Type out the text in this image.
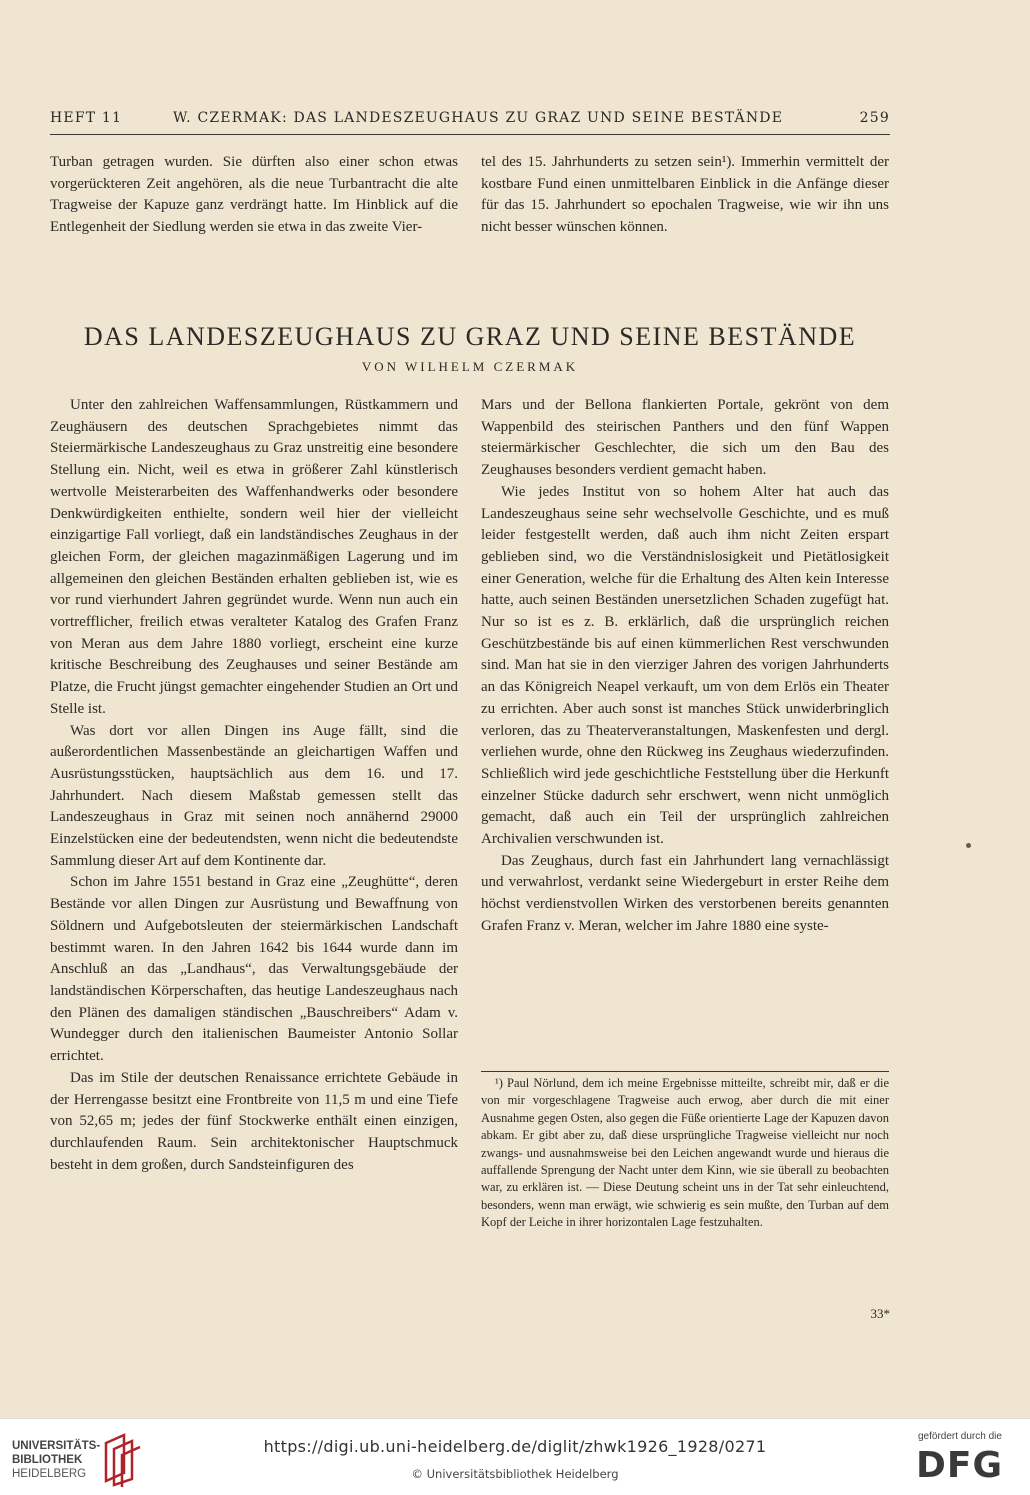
HEFT 11	W. CZERMAK: DAS LANDESZEUGHAUS ZU GRAZ UND SEINE BESTÄNDE	259

Turban getragen wurden. Sie dürften also einer schon etwas vorgerückteren Zeit angehören, als die neue Turbantracht die alte Tragweise der Kapuze ganz verdrängt hatte. Im Hinblick auf die Entlegenheit der Siedlung werden sie etwa in das zweite Vier-

tel des 15. Jahrhunderts zu setzen sein¹). Immerhin vermittelt der kostbare Fund einen unmittelbaren Einblick in die Anfänge dieser für das 15. Jahrhundert so epochalen Tragweise, wie wir ihn uns nicht besser wünschen können.

DAS LANDESZEUGHAUS ZU GRAZ UND SEINE BESTÄNDE
VON WILHELM CZERMAK

Unter den zahlreichen Waffensammlungen, Rüstkammern und Zeughäusern des deutschen Sprachgebietes nimmt das Steiermärkische Landeszeughaus zu Graz unstreitig eine besondere Stellung ein. Nicht, weil es etwa in größerer Zahl künstlerisch wertvolle Meisterarbeiten des Waffenhandwerks oder besondere Denkwürdigkeiten enthielte, sondern weil hier der vielleicht einzigartige Fall vorliegt, daß ein landständisches Zeughaus in der gleichen Form, der gleichen magazinmäßigen Lagerung und im allgemeinen den gleichen Beständen erhalten geblieben ist, wie es vor rund vierhundert Jahren gegründet wurde. Wenn nun auch ein vortrefflicher, freilich etwas veralteter Katalog des Grafen Franz von Meran aus dem Jahre 1880 vorliegt, erscheint eine kurze kritische Beschreibung des Zeughauses und seiner Bestände am Platze, die Frucht jüngst gemachter eingehender Studien an Ort und Stelle ist.

Was dort vor allen Dingen ins Auge fällt, sind die außerordentlichen Massenbestände an gleichartigen Waffen und Ausrüstungsstücken, hauptsächlich aus dem 16. und 17. Jahrhundert. Nach diesem Maßstab gemessen stellt das Landeszeughaus in Graz mit seinen noch annähernd 29000 Einzelstücken eine der bedeutendsten, wenn nicht die bedeutendste Sammlung dieser Art auf dem Kontinente dar.

Schon im Jahre 1551 bestand in Graz eine „Zeughütte“, deren Bestände vor allen Dingen zur Ausrüstung und Bewaffnung von Söldnern und Aufgebotsleuten der steiermärkischen Landschaft bestimmt waren. In den Jahren 1642 bis 1644 wurde dann im Anschluß an das „Landhaus“, das Verwaltungsgebäude der landständischen Körperschaften, das heutige Landeszeughaus nach den Plänen des damaligen ständischen „Bauschreibers“ Adam v. Wundegger durch den italienischen Baumeister Antonio Sollar errichtet.

Das im Stile der deutschen Renaissance errichtete Gebäude in der Herrengasse besitzt eine Frontbreite von 11,5 m und eine Tiefe von 52,65 m; jedes der fünf Stockwerke enthält einen einzigen, durchlaufenden Raum. Sein architektonischer Hauptschmuck besteht in dem großen, durch Sandsteinfiguren des

Mars und der Bellona flankierten Portale, gekrönt von dem Wappenbild des steirischen Panthers und den fünf Wappen steiermärkischer Geschlechter, die sich um den Bau des Zeughauses besonders verdient gemacht haben.

Wie jedes Institut von so hohem Alter hat auch das Landeszeughaus seine sehr wechselvolle Geschichte, und es muß leider festgestellt werden, daß auch ihm nicht Zeiten erspart geblieben sind, wo die Verständnislosigkeit und Pietätlosigkeit einer Generation, welche für die Erhaltung des Alten kein Interesse hatte, auch seinen Beständen unersetzlichen Schaden zugefügt hat. Nur so ist es z. B. erklärlich, daß die ursprünglich reichen Geschützbestände bis auf einen kümmerlichen Rest verschwunden sind. Man hat sie in den vierziger Jahren des vorigen Jahrhunderts an das Königreich Neapel verkauft, um von dem Erlös ein Theater zu errichten. Aber auch sonst ist manches Stück unwiderbringlich verloren, das zu Theaterveranstaltungen, Maskenfesten und dergl. verliehen wurde, ohne den Rückweg ins Zeughaus wiederzufinden. Schließlich wird jede geschichtliche Feststellung über die Herkunft einzelner Stücke dadurch sehr erschwert, wenn nicht unmöglich gemacht, daß auch ein Teil der ursprünglich zahlreichen Archivalien verschwunden ist.

Das Zeughaus, durch fast ein Jahrhundert lang vernachlässigt und verwahrlost, verdankt seine Wiedergeburt in erster Reihe dem höchst verdienstvollen Wirken des verstorbenen bereits genannten Grafen Franz v. Meran, welcher im Jahre 1880 eine syste-

¹) Paul Nörlund, dem ich meine Ergebnisse mitteilte, schreibt mir, daß er die von mir vorgeschlagene Tragweise auch erwog, aber durch die mit einer Ausnahme gegen Osten, also gegen die Füße orientierte Lage der Kapuzen davon abkam. Er gibt aber zu, daß diese ursprüngliche Tragweise vielleicht nur noch zwangs- und ausnahmsweise bei den Leichen angewandt wurde und hieraus die auffallende Sprengung der Nacht unter dem Kinn, wie sie überall zu beobachten war, zu erklären ist. — Diese Deutung scheint uns in der Tat sehr einleuchtend, besonders, wenn man erwägt, wie schwierig es sein mußte, den Turban auf dem Kopf der Leiche in ihrer horizontalen Lage festzuhalten.

33*
UNIVERSITÄTS-
BIBLIOTHEK
HEIDELBERG
https://digi.ub.uni-heidelberg.de/diglit/zhwk1926_1928/0271
© Universitätsbibliothek Heidelberg
gefördert durch die
DFG
